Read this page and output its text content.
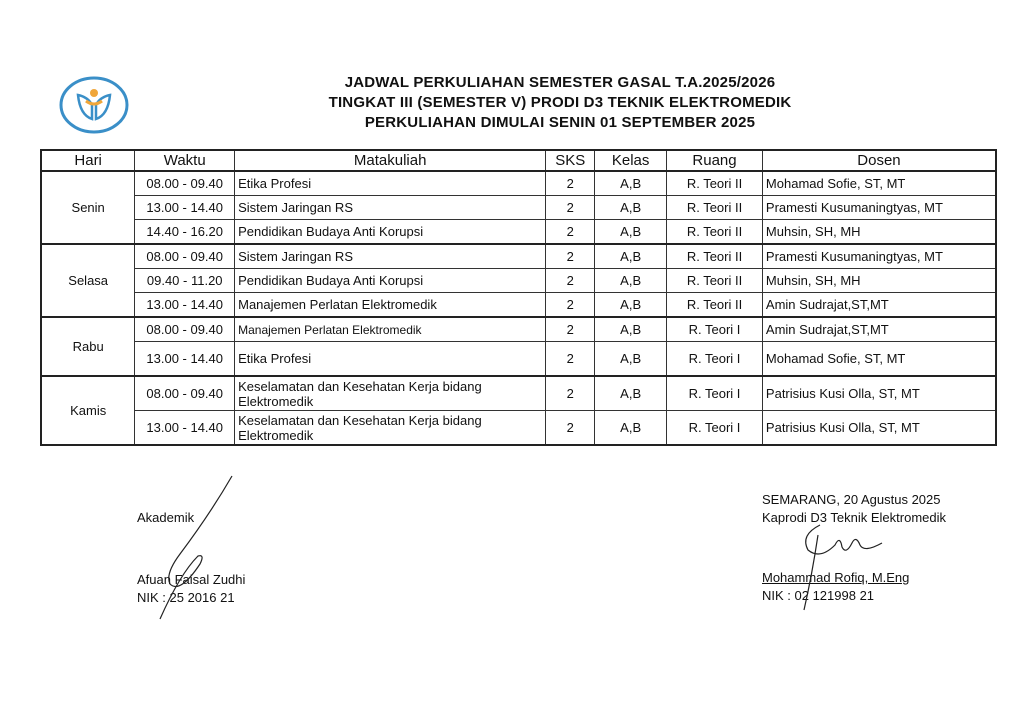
JADWAL PERKULIAHAN SEMESTER GASAL T.A.2025/2026
TINGKAT III (SEMESTER V) PRODI D3 TEKNIK ELEKTROMEDIK
PERKULIAHAN DIMULAI SENIN 01 SEPTEMBER 2025
Hari	Waktu	Matakuliah	SKS	Kelas	Ruang	Dosen
Senin	08.00 - 09.40	Etika Profesi	2	A,B	R. Teori II	Mohamad Sofie, ST, MT
	13.00 - 14.40	Sistem Jaringan RS	2	A,B	R. Teori II	Pramesti Kusumaningtyas, MT
	14.40 - 16.20	Pendidikan Budaya Anti Korupsi	2	A,B	R. Teori II	Muhsin, SH, MH
Selasa	08.00 - 09.40	Sistem Jaringan RS	2	A,B	R. Teori II	Pramesti Kusumaningtyas, MT
	09.40 - 11.20	Pendidikan Budaya Anti Korupsi	2	A,B	R. Teori II	Muhsin, SH, MH
	13.00 - 14.40	Manajemen Perlatan Elektromedik	2	A,B	R. Teori II	Amin Sudrajat,ST,MT
Rabu	08.00 - 09.40	Manajemen Perlatan Elektromedik	2	A,B	R. Teori I	Amin Sudrajat,ST,MT
	13.00 - 14.40	Etika Profesi	2	A,B	R. Teori I	Mohamad Sofie, ST, MT
Kamis	08.00 - 09.40	Keselamatan dan Kesehatan Kerja bidang Elektromedik	2	A,B	R. Teori I	Patrisius Kusi Olla, ST, MT
	13.00 - 14.40	Keselamatan dan Kesehatan Kerja bidang Elektromedik	2	A,B	R. Teori I	Patrisius Kusi Olla, ST, MT
Akademik
Afuan Faisal Zudhi
NIK : 25 2016 21
SEMARANG, 20 Agustus 2025
Kaprodi D3 Teknik Elektromedik
Mohammad Rofiq, M.Eng
NIK : 02 121998 21
